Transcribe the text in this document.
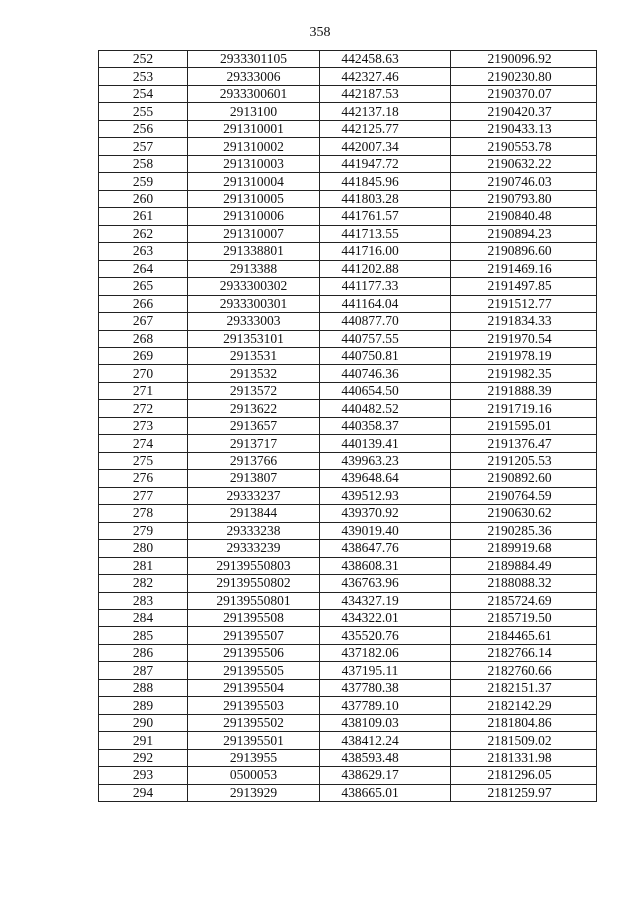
358
252	2933301105	442458.63	2190096.92
253	29333006	442327.46	2190230.80
254	2933300601	442187.53	2190370.07
255	2913100	442137.18	2190420.37
256	291310001	442125.77	2190433.13
257	291310002	442007.34	2190553.78
258	291310003	441947.72	2190632.22
259	291310004	441845.96	2190746.03
260	291310005	441803.28	2190793.80
261	291310006	441761.57	2190840.48
262	291310007	441713.55	2190894.23
263	291338801	441716.00	2190896.60
264	2913388	441202.88	2191469.16
265	2933300302	441177.33	2191497.85
266	2933300301	441164.04	2191512.77
267	29333003	440877.70	2191834.33
268	291353101	440757.55	2191970.54
269	2913531	440750.81	2191978.19
270	2913532	440746.36	2191982.35
271	2913572	440654.50	2191888.39
272	2913622	440482.52	2191719.16
273	2913657	440358.37	2191595.01
274	2913717	440139.41	2191376.47
275	2913766	439963.23	2191205.53
276	2913807	439648.64	2190892.60
277	29333237	439512.93	2190764.59
278	2913844	439370.92	2190630.62
279	29333238	439019.40	2190285.36
280	29333239	438647.76	2189919.68
281	29139550803	438608.31	2189884.49
282	29139550802	436763.96	2188088.32
283	29139550801	434327.19	2185724.69
284	291395508	434322.01	2185719.50
285	291395507	435520.76	2184465.61
286	291395506	437182.06	2182766.14
287	291395505	437195.11	2182760.66
288	291395504	437780.38	2182151.37
289	291395503	437789.10	2182142.29
290	291395502	438109.03	2181804.86
291	291395501	438412.24	2181509.02
292	2913955	438593.48	2181331.98
293	0500053	438629.17	2181296.05
294	2913929	438665.01	2181259.97
